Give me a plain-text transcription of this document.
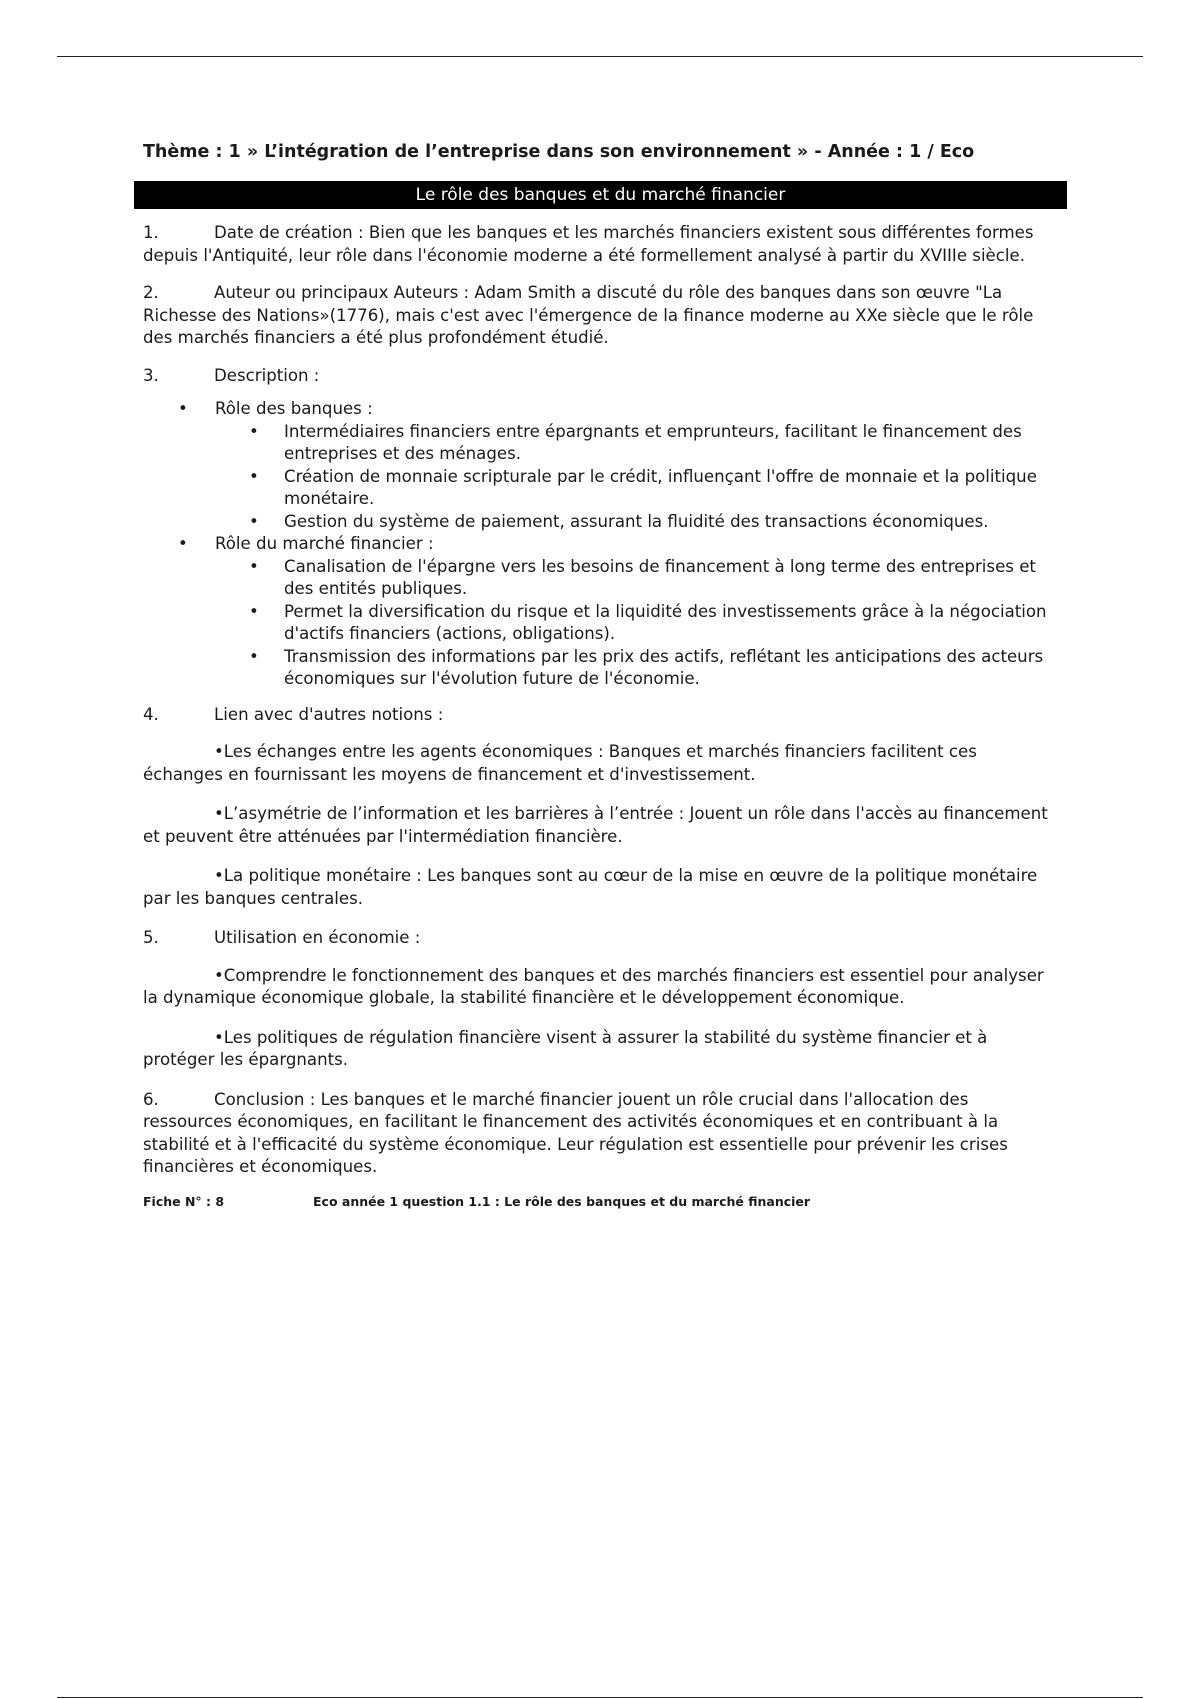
Thème : 1 » L’intégration de l’entreprise dans son environnement » - Année : 1 / Eco
Le rôle des banques et du marché financier

1.	Date de création : Bien que les banques et les marchés financiers existent sous différentes formes depuis l'Antiquité, leur rôle dans l'économie moderne a été formellement analysé à partir du XVIIIe siècle.

2.	Auteur ou principaux Auteurs : Adam Smith a discuté du rôle des banques dans son œuvre "La Richesse des Nations»(1776), mais c'est avec l'émergence de la finance moderne au XXe siècle que le rôle des marchés financiers a été plus profondément étudié.

3.	Description :

• Rôle des banques :
• Intermédiaires financiers entre épargnants et emprunteurs, facilitant le financement des entreprises et des ménages.
• Création de monnaie scripturale par le crédit, influençant l'offre de monnaie et la politique monétaire.
• Gestion du système de paiement, assurant la fluidité des transactions économiques.
• Rôle du marché financier :
• Canalisation de l'épargne vers les besoins de financement à long terme des entreprises et des entités publiques.
• Permet la diversification du risque et la liquidité des investissements grâce à la négociation d'actifs financiers (actions, obligations).
• Transmission des informations par les prix des actifs, reflétant les anticipations des acteurs économiques sur l'évolution future de l'économie.

4.	Lien avec d'autres notions :

•Les échanges entre les agents économiques : Banques et marchés financiers facilitent ces échanges en fournissant les moyens de financement et d'investissement.

•L’asymétrie de l’information et les barrières à l’entrée : Jouent un rôle dans l'accès au financement et peuvent être atténuées par l'intermédiation financière.

•La politique monétaire : Les banques sont au cœur de la mise en œuvre de la politique monétaire par les banques centrales.

5.	Utilisation en économie :

•Comprendre le fonctionnement des banques et des marchés financiers est essentiel pour analyser la dynamique économique globale, la stabilité financière et le développement économique.

•Les politiques de régulation financière visent à assurer la stabilité du système financier et à protéger les épargnants.

6.	Conclusion : Les banques et le marché financier jouent un rôle crucial dans l'allocation des ressources économiques, en facilitant le financement des activités économiques et en contribuant à la stabilité et à l'efficacité du système économique. Leur régulation est essentielle pour prévenir les crises financières et économiques.

Fiche N° : 8	Eco année 1 question 1.1 : Le rôle des banques et du marché financier
